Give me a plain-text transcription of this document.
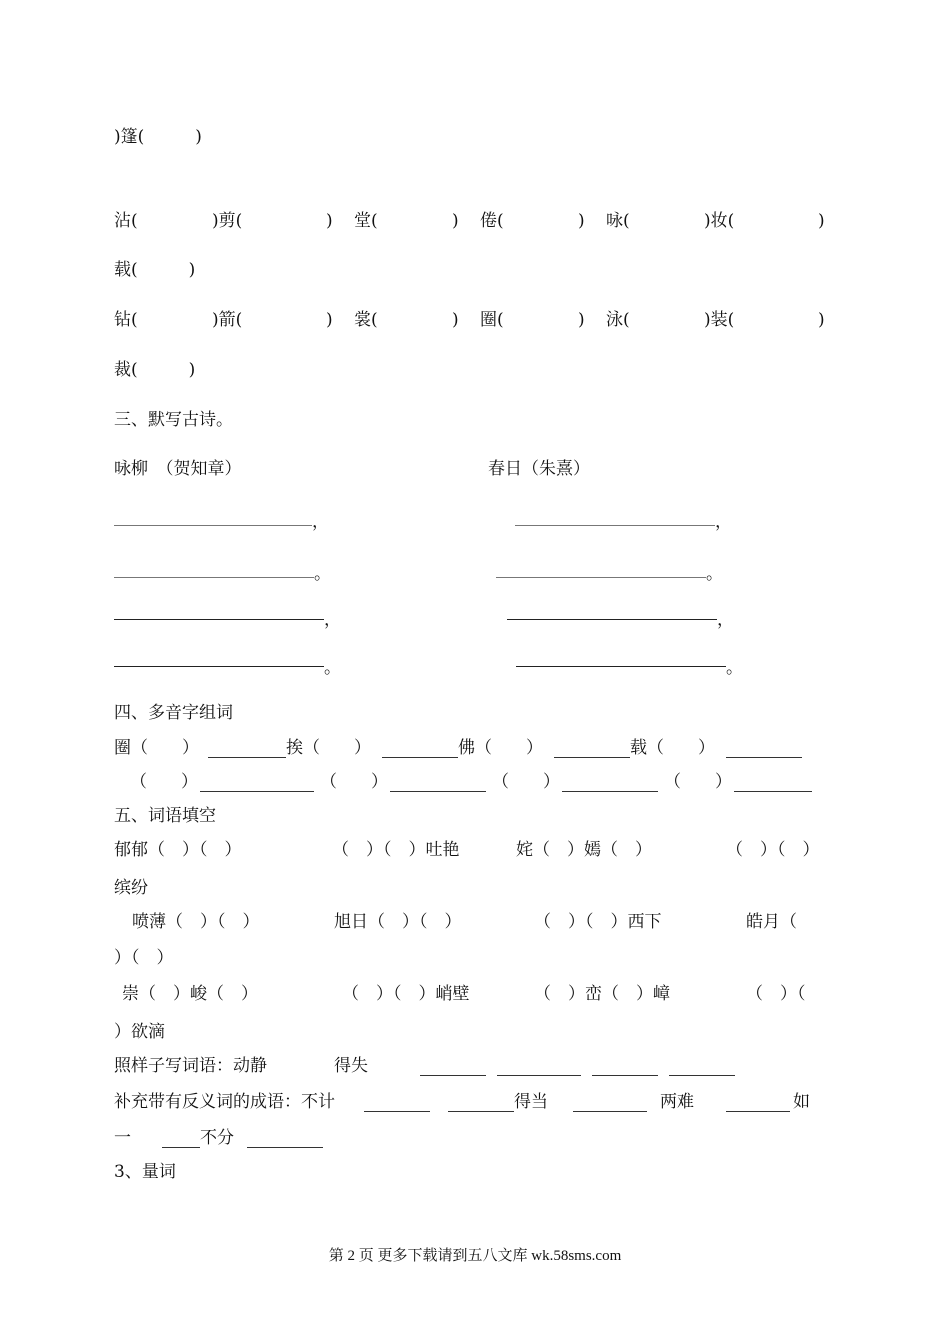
)篷(　　　)
沾(	)剪(	) 堂(	) 倦(	) 咏(	)妆(	)
载(　　　)
钻(	)箭(	) 裳(	) 圈(	) 泳(	)装(	)
裁(　　　)
三、默写古诗。
咏柳　（贺知章）	春日（朱熹）
，	，
。	。
，	，
。	。
四、多音字组词
圈（　　）	挨（　　）	佛（　　）	载（　　）
（　　）	（　　）	（　　）	（　　）
五、词语填空
郁郁（　）（　）	（　）（　）吐艳	姹（　）嫣（　）	（　）（　）
缤纷
喷薄（　）（　）	旭日（　）（　）	（　）（　）西下	皓月（
）（　）
崇（　）峻（　）	（　）（　）峭壁	（　）峦（　）嶂	（　）（
）欲滴
照样子写词语：动静	得失
补充带有反义词的成语：不计	得当	两难	如
一	不分
3、量词
第 2 页 更多下载请到五八文库 wk.58sms.com
